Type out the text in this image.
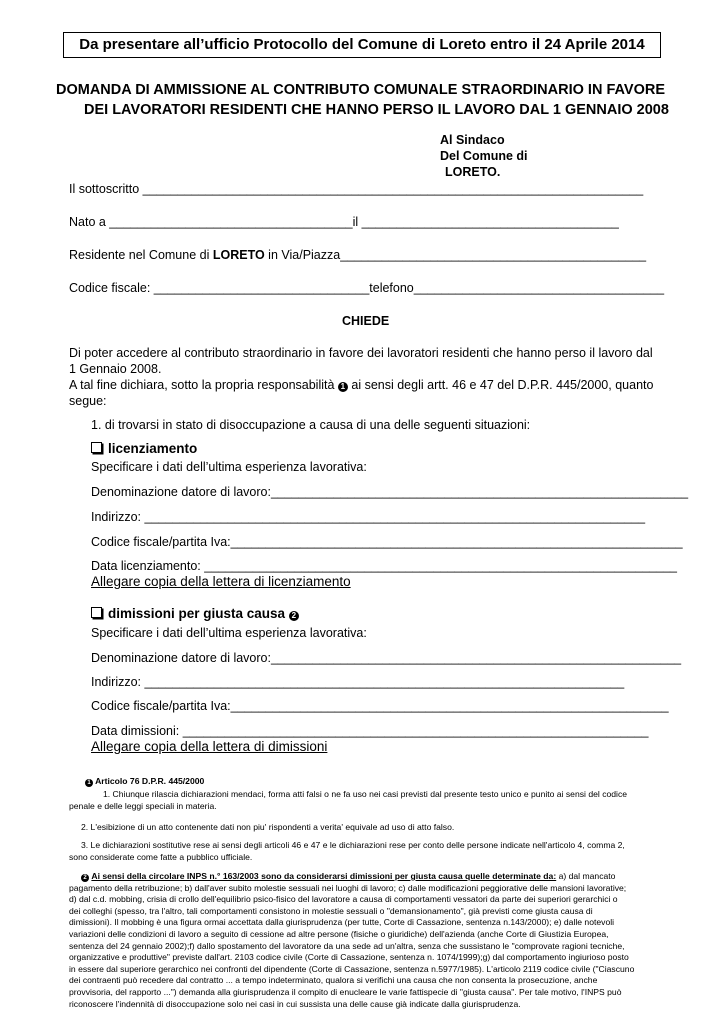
Da presentare all’ufficio Protocollo del Comune di Loreto entro il 24 Aprile 2014
DOMANDA DI AMMISSIONE AL CONTRIBUTO COMUNALE STRAORDINARIO IN FAVORE
DEI LAVORATORI RESIDENTI CHE HANNO PERSO IL LAVORO DAL 1 GENNAIO 2008
Al Sindaco
Del Comune di
LORETO.
Il sottoscritto ________________________________________________________________________
Nato a ___________________________________il _____________________________________
Residente nel Comune di LORETO in Via/Piazza____________________________________________
Codice fiscale: _______________________________telefono____________________________________
CHIEDE
Di poter accedere al contributo straordinario in favore dei lavoratori residenti che hanno perso il lavoro dal
1 Gennaio 2008.
A tal fine dichiara, sotto la propria responsabilità 1 ai sensi degli artt. 46 e 47 del D.P.R. 445/2000, quanto
segue:
1. di trovarsi in stato di disoccupazione a causa di una delle seguenti situazioni:
licenziamento
Specificare i dati dell’ultima esperienza lavorativa:
Denominazione datore di lavoro:____________________________________________________________
Indirizzo: ________________________________________________________________________
Codice fiscale/partita Iva:_________________________________________________________________
Data licenziamento: ____________________________________________________________________
Allegare copia della lettera di licenziamento
dimissioni per giusta causa 2
Specificare i dati dell’ultima esperienza lavorativa:
Denominazione datore di lavoro:___________________________________________________________
Indirizzo: _____________________________________________________________________
Codice fiscale/partita Iva:_______________________________________________________________
Data dimissioni: ___________________________________________________________________
Allegare copia della lettera di dimissioni
1 Articolo 76 D.P.R. 445/2000
1. Chiunque rilascia dichiarazioni mendaci, forma atti falsi o ne fa uso nei casi previsti dal presente testo unico e punito ai sensi del codice
penale e delle leggi speciali in materia.
2. L'esibizione di un atto contenente dati non piu' rispondenti a verita' equivale ad uso di atto falso.
3. Le dichiarazioni sostitutive rese ai sensi degli articoli 46 e 47 e le dichiarazioni rese per conto delle persone indicate nell'articolo 4, comma 2,
sono considerate come fatte a pubblico ufficiale.
2 Ai sensi della circolare INPS n.° 163/2003 sono da considerarsi dimissioni per giusta causa quelle determinate da: a) dal mancato
pagamento della retribuzione; b) dall'aver subito molestie sessuali nei luoghi di lavoro; c) dalle modificazioni peggiorative delle mansioni lavorative;
d) dal c.d. mobbing, crisia di crollo dell'equilibrio psico-fisico del lavoratore a causa di comportamenti vessatori da parte dei superiori gerarchici o
dei colleghi (spesso, tra l'altro, tali comportamenti consistono in molestie sessuali o "demansionamento", già previsti come giusta causa di
dimissioni). Il mobbing è una figura ormai accettata dalla giurisprudenza (per tutte, Corte di Cassazione, sentenza n.143/2000); e) dalle notevoli
variazioni delle condizioni di lavoro a seguito di cessione ad altre persone (fisiche o giuridiche) dell'azienda (anche Corte di Giustizia Europea,
sentenza del 24 gennaio 2002);f) dallo spostamento del lavoratore da una sede ad un'altra, senza che sussistano le "comprovate ragioni tecniche,
organizzative e produttive" previste dall'art. 2103 codice civile (Corte di Cassazione, sentenza n. 1074/1999);g) dal comportamento ingiurioso posto
in essere dal superiore gerarchico nei confronti del dipendente (Corte di Cassazione, sentenza n.5977/1985). L'articolo 2119 codice civile ("Ciascuno
dei contraenti può recedere dal contratto ... a tempo indeterminato, qualora si verifichi una causa che non consenta la prosecuzione, anche
provvisoria, del rapporto ...") demanda alla giurisprudenza il compito di enucleare le varie fattispecie di "giusta causa". Per tale motivo, l'INPS può
riconoscere l'indennità di disoccupazione solo nei casi in cui sussista una delle cause già indicate dalla giurisprudenza.
